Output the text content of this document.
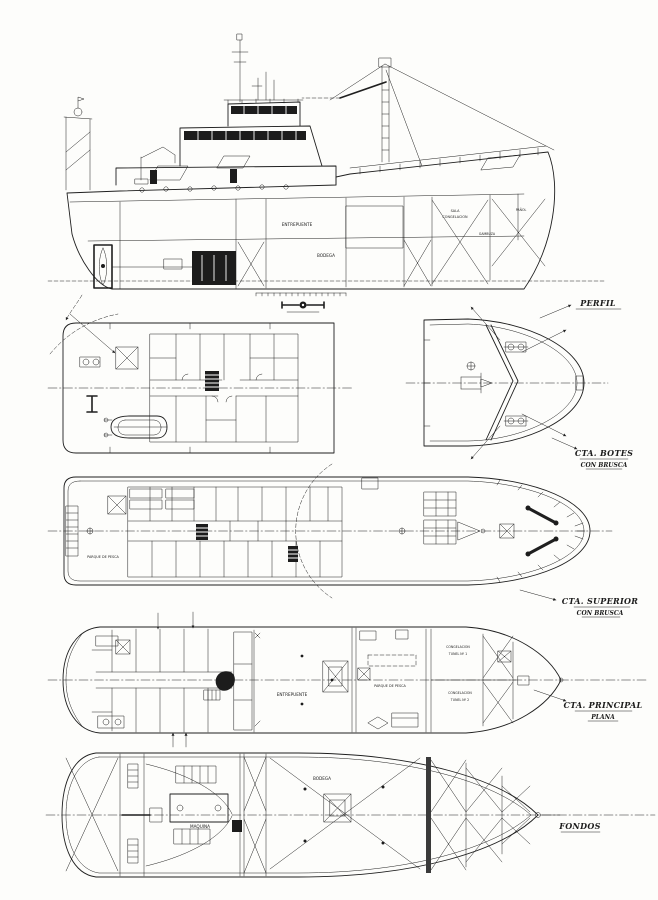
ENTREPUENTE
BODEGA
SALA
CONGELACION
PAÑOL
GAMBUZA
PERFIL
CTA. BOTES
CON BRUSCA
PARQUE DE PESCA
CTA. SUPERIOR
CON BRUSCA
ENTREPUENTE
PARQUE DE PESCA
CONGELACION
TUNEL Nº 1
CONGELACION
TUNEL Nº 2	CTA. PRINCIPAL
PLANA
MAQUINA
BODEGA
FONDOS
